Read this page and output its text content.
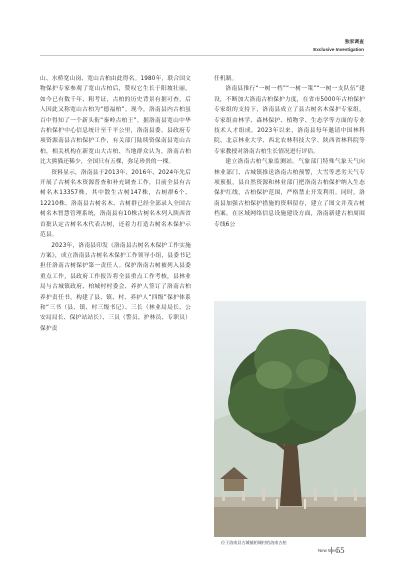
独家调查
Exclusive Investigation

山、水桥宽山岗、宽山古柏由此得名。1980年，联合国文物保护专家参观了宽山古柏后，赞叹它生长于阳坡壮丽，如今已有数千年、粗考证，古柏的历史背景有据可查，后人因此又称宽山古柏为“德福柏”。现今，洛南县内古柏虽百中得知了一个新头衔“秦岭古柏王”。据洛南县宽山中华古柏保护中心信息统计至千平公里，洛南县委、县政府专项资源南县古柏保护工作，有关部门陆续资保南县宽山古柏，相关机构在新宽山大古柏、当地群众认为，洛南古柏比大熊猫还稀少，全国只有五棵，弥足珍贵的一棵。

资料显示，洛南县于2013年、2016年、2024年先后开展了古树名木资源普查和补充调查工作，目前全县有古树名木13357株，其中散生古树147株，古树群6个、12210株。洛南县古树名木、古树群已经全部录入全国古树名木智慧管理系统，洛南县有10株古树名木列入陕西省首批认定古树名木代表古树，还着力打造古树名木保护示范县。

2023年，洛南县印发《洛南县古树名木保护工作实施方案》，成立洛南县古树名木保护工作领导小组，县委书记担任洛南古树保护第一责任人。保护洛南古树被列入县委重点工作，县政府工作报告将全县重点工作考核，县林业局与古城镇政府、柏城村村委会、养护人签订了洛南古柏养护责任书，构建了县、镇、村、养护人“四级”保护体系和“三书（县、镇、村三级书记）、三长（林业局局长、公安局局长、保护站站长）、三员（警员、护林员、专职员）保护责

任机制。

洛南县推行“一树一档”“一树一策”“一树一支队伍”建设，不断加大洛南古柏保护力度，在省市5000年古柏保护专家组的支持下，洛南县成立了县古树名木保护专家组，专家组由林学、森林保护、植物学、生态学等方面的专业技术人才组成。2023年以来，洛南县每年邀请中国林科院、北京林业大学、西北农林科技大学、陕西省林科院等专家教授对洛南古柏生长情况进行评估。

建立洛南古柏气象监测站。气象部门特殊气象天气向林业部门、古城镇推送洛南古柏预警，大雪等恶劣天气专项预报，县自然资源和林业部门把洛南古柏保护纳入生态保护红线，古柏保护范围，严格禁止开发利用。同时，洛南县加强古柏保护措施的资料留存，建立了图文并茂古树档案。在区域网络信息设施建设方面，洛南新建古柏周围专线6公

位于洛南县古城镇柏城村的洛南古柏
New West
55
